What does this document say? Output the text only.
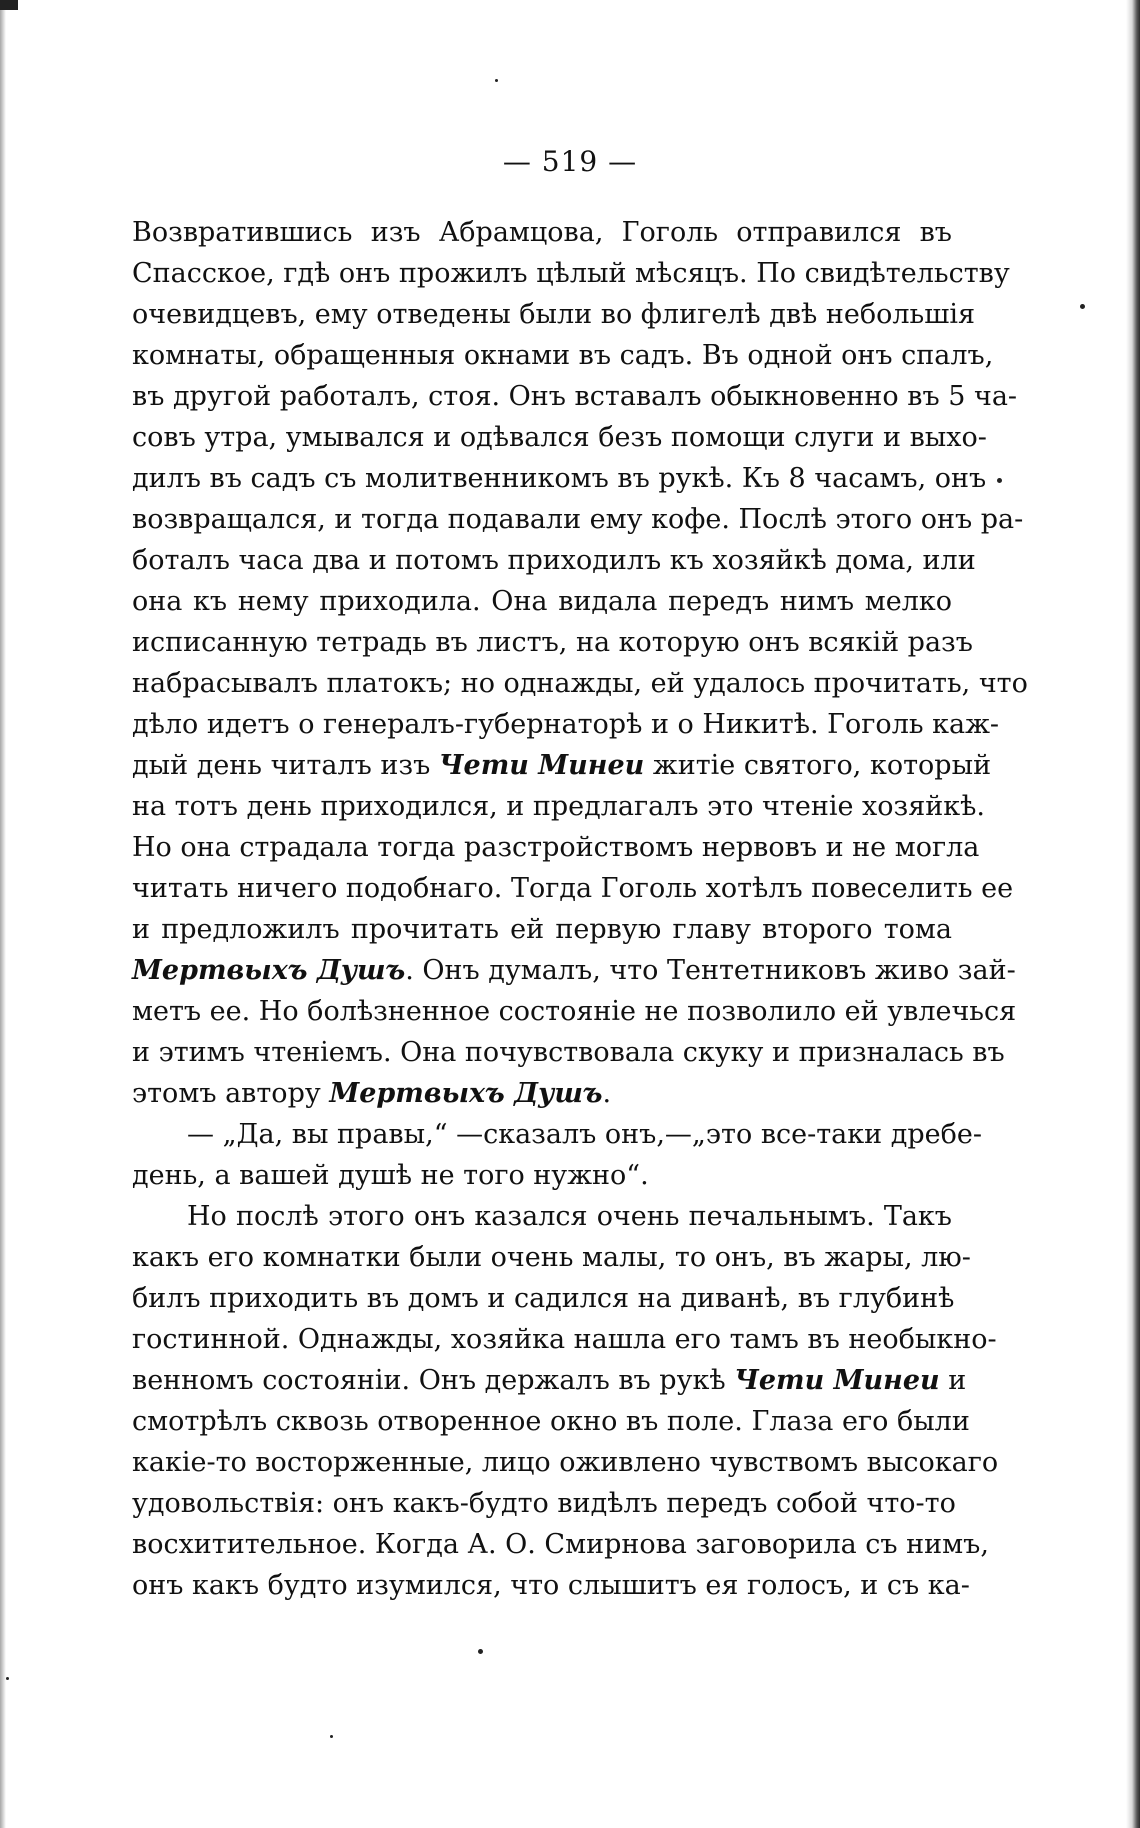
— 519 —
Возвратившись изъ Абрамцова, Гоголь отправился въ
Спасское, гдѣ онъ прожилъ цѣлый мѣсяцъ. По свидѣтельству
очевидцевъ, ему отведены были во флигелѣ двѣ небольшія
комнаты, обращенныя окнами въ садъ. Въ одной онъ спалъ,
въ другой работалъ, стоя. Онъ вставалъ обыкновенно въ 5 ча-
совъ утра, умывался и одѣвался безъ помощи слуги и выхо-
дилъ въ садъ съ молитвенникомъ въ рукѣ. Къ 8 часамъ, онъ
возвращался, и тогда подавали ему кофе. Послѣ этого онъ ра-
боталъ часа два и потомъ приходилъ къ хозяйкѣ дома, или
она къ нему приходила. Она видала передъ нимъ мелко
исписанную тетрадь въ листъ, на которую онъ всякій разъ
набрасывалъ платокъ; но однажды, ей удалось прочитать, что
дѣло идетъ о генералъ-губернаторѣ и о Никитѣ. Гоголь каж-
дый день читалъ изъ Чети Минеи житіе святого, который
на тотъ день приходился, и предлагалъ это чтеніе хозяйкѣ.
Но она страдала тогда разстройствомъ нервовъ и не могла
читать ничего подобнаго. Тогда Гоголь хотѣлъ повеселить ее
и предложилъ прочитать ей первую главу второго тома
Мертвыхъ Душъ. Онъ думалъ, что Тентетниковъ живо зай-
метъ ее. Но болѣзненное состояніе не позволило ей увлечься
и этимъ чтеніемъ. Она почувствовала скуку и призналась въ
этомъ автору Мертвыхъ Душъ.
— „Да, вы правы,“ —сказалъ онъ,—„это все-таки дребе-
день, а вашей душѣ не того нужно“.
Но послѣ этого онъ казался очень печальнымъ. Такъ
какъ его комнатки были очень малы, то онъ, въ жары, лю-
билъ приходить въ домъ и садился на диванѣ, въ глубинѣ
гостинной. Однажды, хозяйка нашла его тамъ въ необыкно-
венномъ состояніи. Онъ держалъ въ рукѣ Чети Минеи и
смотрѣлъ сквозь отворенное окно въ поле. Глаза его были
какіе-то восторженные, лицо оживлено чувствомъ высокаго
удовольствія: онъ какъ-будто видѣлъ передъ собой что-то
восхитительное. Когда А. О. Смирнова заговорила съ нимъ,
онъ какъ будто изумился, что слышитъ ея голосъ, и съ ка-
